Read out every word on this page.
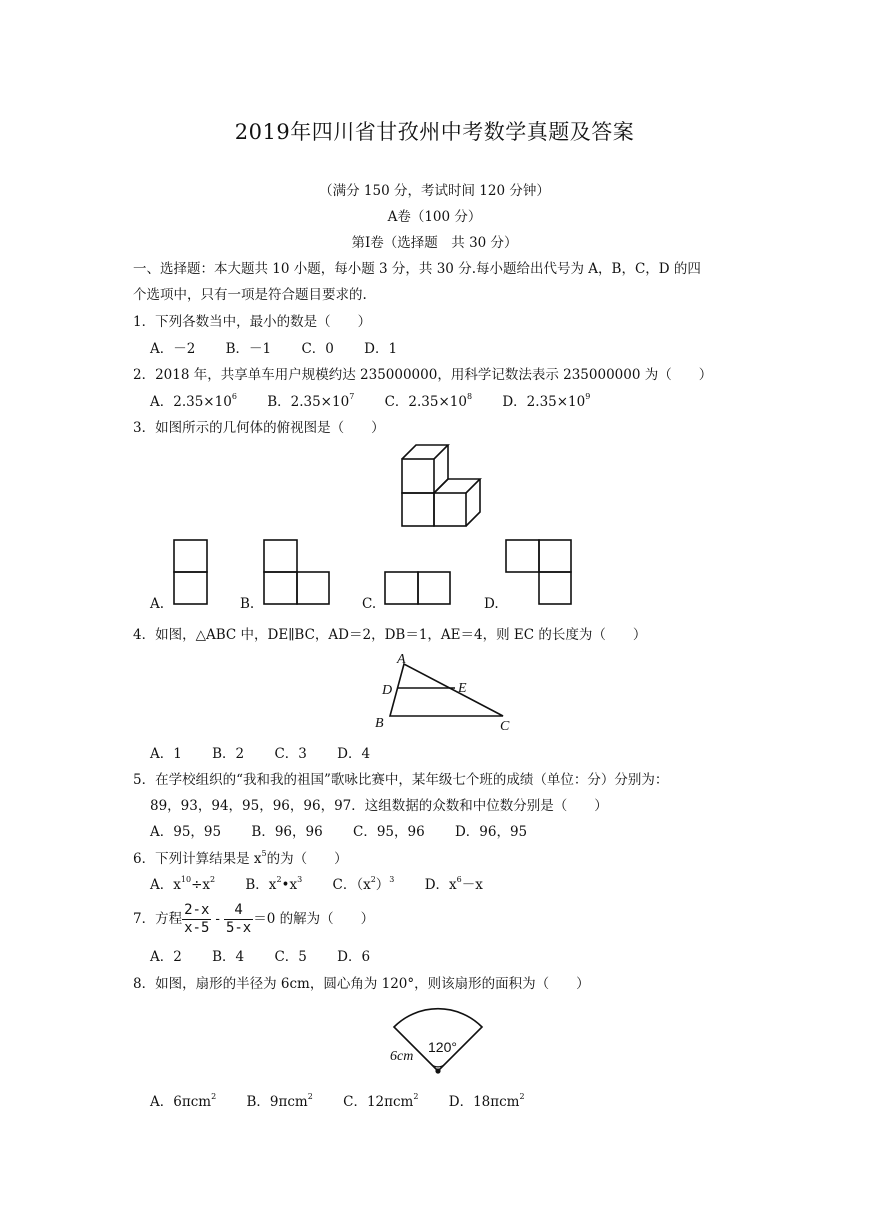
2019年四川省甘孜州中考数学真题及答案
（满分 150 分，考试时间 120 分钟）
A卷（100 分）
第Ⅰ卷（选择题　共 30 分）
一、选择题：本大题共 10 小题，每小题 3 分，共 30 分.每小题给出代号为 A，B，C，D 的四
个选项中，只有一项是符合题目要求的.
1．下列各数当中，最小的数是（　　）
A．－2 B．－1 C．0 D．1
2．2018 年，共享单车用户规模约达 235000000，用科学记数法表示 235000000 为（　　）
A．$2.35\times 10^6$ B．$2.35\times 10^7$ C．$2.35\times 10^8$ D．$2.35\times 10^9$
3．如图所示的几何体的俯视图是（　　）
A.	B.	C.	D.
4．如图，△ABC 中，DE∥BC，AD＝2，DB＝1，AE＝4，则 EC 的长度为（　　）
A
D	E
B	C
A．1 B．2 C．3 D．4
5．在学校组织的“我和我的祖国”歌咏比赛中，某年级七个班的成绩（单位：分）分别为：
89，93，94，95，96，96，97．这组数据的众数和中位数分别是（　　）
A．95，95 B．96，96 C．95，96 D．96，95
6．下列计算结果是 $x^5$的为（　　）
A．$x^{10}\div x^2$ B．$x^2•x^3$ C．$(x^2)^3$ D．$x^6-x$
7．方程 $\frac{2-x}{x-5} - \frac{4}{5-x} =0$ 的解为（　　）
A．2 B．4 C．5 D．6
8．如图，扇形的半径为 6cm，圆心角为 120°，则该扇形的面积为（　　）
6cm
120°
A．6πcm$^2$ B．9πcm$^2$ C．12πcm$^2$ D．18πcm$^2$
